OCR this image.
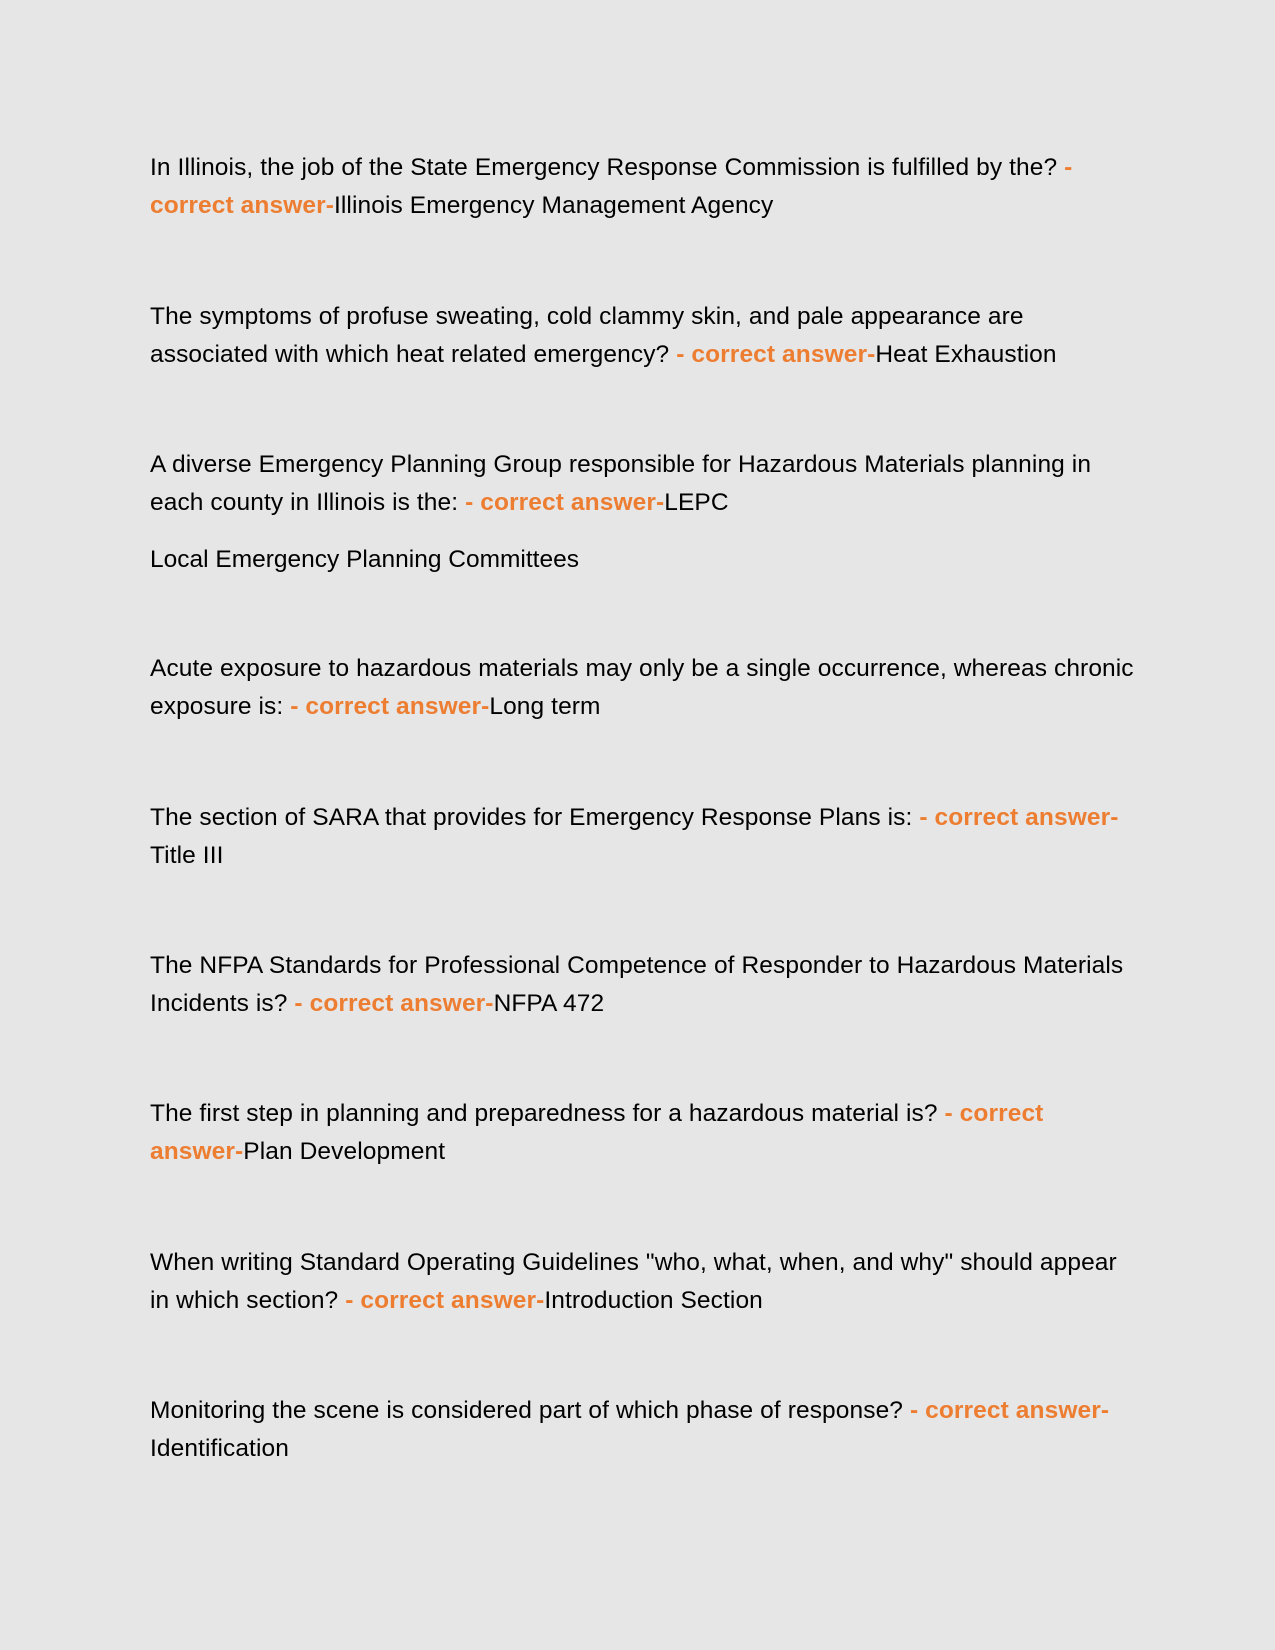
In Illinois, the job of the State Emergency Response Commission is fulfilled by the? - correct answer-Illinois Emergency Management Agency

The symptoms of profuse sweating, cold clammy skin, and pale appearance are associated with which heat related emergency? - correct answer-Heat Exhaustion

A diverse Emergency Planning Group responsible for Hazardous Materials planning in each county in Illinois is the: - correct answer-LEPC

Local Emergency Planning Committees

Acute exposure to hazardous materials may only be a single occurrence, whereas chronic exposure is: - correct answer-Long term

The section of SARA that provides for Emergency Response Plans is: - correct answer-Title III

The NFPA Standards for Professional Competence of Responder to Hazardous Materials Incidents is? - correct answer-NFPA 472

The first step in planning and preparedness for a hazardous material is? - correct answer-Plan Development

When writing Standard Operating Guidelines "who, what, when, and why" should appear in which section? - correct answer-Introduction Section

Monitoring the scene is considered part of which phase of response? - correct answer-Identification
